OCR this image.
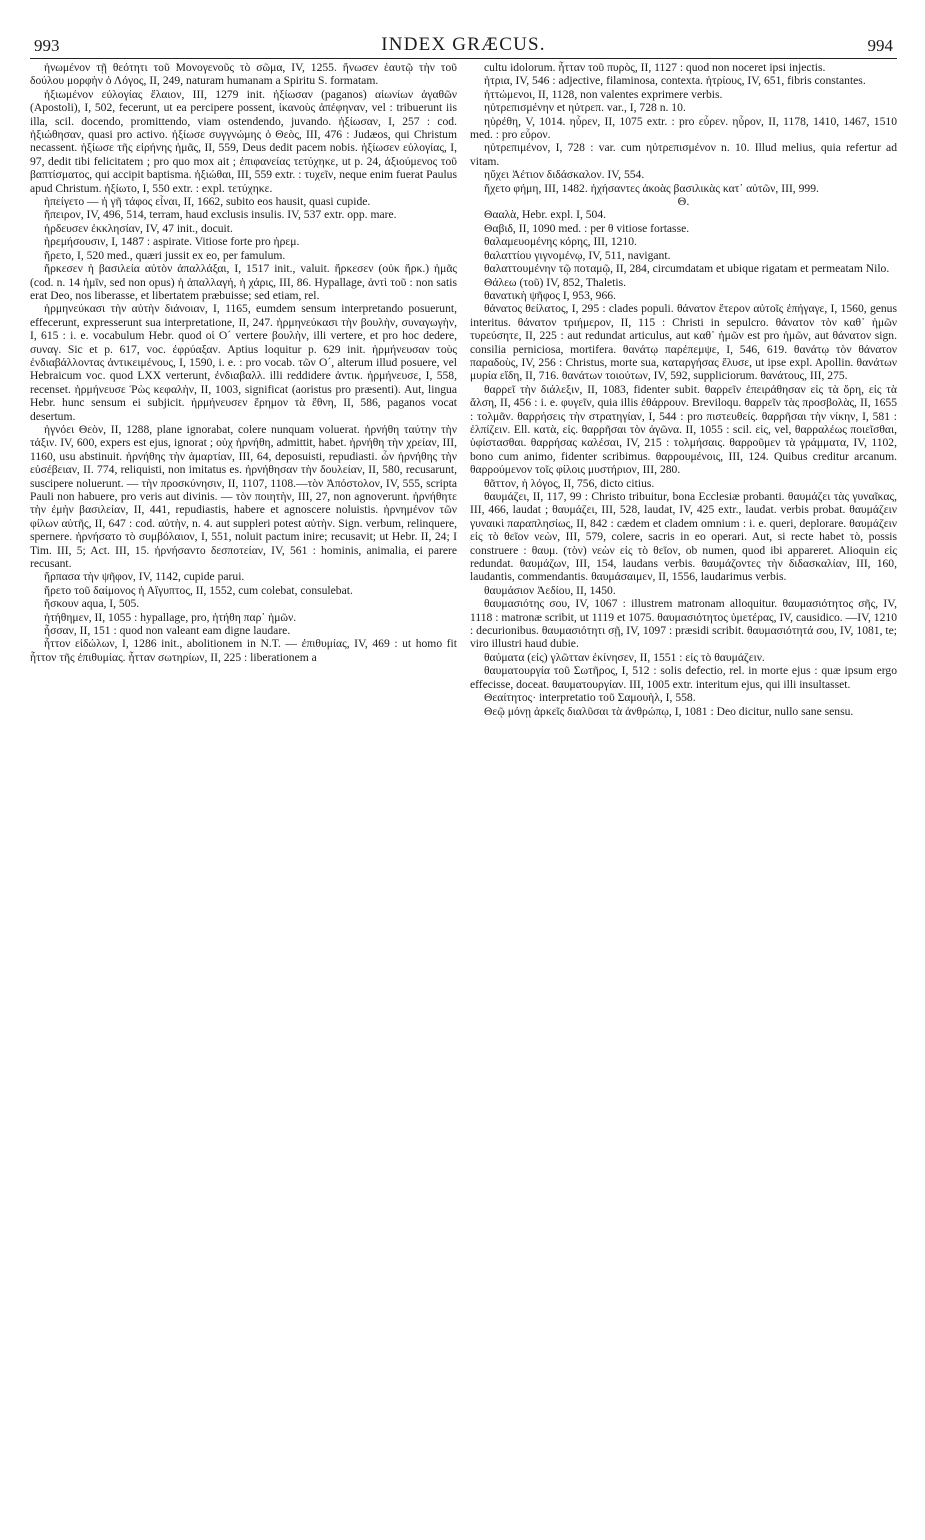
993	INDEX GRÆCUS.	994

ἡνωμένον τῇ θεότητι τοῦ Μονογενοῦς τὸ σῶμα, IV, 1255. ἥνωσεν ἑαυτῷ τὴν τοῦ δούλου μορφὴν ὁ Λόγος, II, 249, naturam humanam a Spiritu S. formatam.

ἠξιωμένον εὐλογίας ἔλαιον, III, 1279 init. ἠξίωσαν (paganos) αἰωνίων ἀγαθῶν (Apostoli), I, 502, fecerunt, ut ea percipere possent, ἱκανοὺς ἀπέφηναν, vel : tribuerunt iis illa, scil. docendo, promittendo, viam ostendendo, juvando. ἠξίωσαν, I, 257 : cod. ἠξιώθησαν, quasi pro activo. ἠξίωσε συγγνώμης ὁ Θεὸς, III, 476 : Judæos, qui Christum necassent. ἠξίωσε τῆς εἰρήνης ἡμᾶς, II, 559, Deus dedit pacem nobis. ἠξίωσεν εὐλογίας, I, 97, dedit tibi felicitatem ; pro quo mox ait ; ἐπιφανείας τετύχηκε, ut p. 24, ἀξιούμενος τοῦ βαπτίσματος, qui accipit baptisma. ἠξιώθαι, III, 559 extr. : τυχεῖν, neque enim fuerat Paulus apud Christum. ἠξίωτο, I, 550 extr. : expl. τετύχηκε.

ἠπείγετο — ἡ γῆ τάφος εἶναι, II, 1662, subito eos hausit, quasi cupide.

ἤπειρον, IV, 496, 514, terram, haud exclusis insulis. IV, 537 extr. opp. mare.

ἠρδευσεν ἐκκλησίαν, IV, 47 init., docuit.

ἠρεμήσουσιν, I, 1487 : aspirate. Vitiose forte pro ἠρεμ.

ἤρετο, I, 520 med., quæri jussit ex eo, per famulum.

ἤρκεσεν ἡ βασιλεία αὐτὸν ἀπαλλάξαι, I, 1517 init., valuit. ἤρκεσεν (οὐκ ἤρκ.) ἡμᾶς (cod. n. 14 ἡμῖν, sed non opus) ἡ ἀπαλλαγή, ἡ χάρις, III, 86. Hypallage, ἀντὶ τοῦ : non satis erat Deo, nos liberasse, et libertatem præbuisse; sed etiam, rel.

ἡρμηνεύκασι τὴν αὐτὴν διάνοιαν, I, 1165, eumdem sensum interpretando posuerunt, effecerunt, expresserunt sua interpretatione, II, 247. ἡρμηνεύκασι τὴν βουλὴν, συναγωγὴν, I, 615 : i. e. vocabulum Hebr. quod οἱ Ο´ vertere βουλὴν, illi vertere, et pro hoc dedere, συναγ. Sic et p. 617, voc. ἐφρύαξαν. Aptius loquitur p. 629 init. ἡρμήνευσαν τοὺς ἐνδιαβάλλοντας ἀντικειμένους, I, 1590, i. e. : pro vocab. τῶν Ο´, alterum illud posuere, vel Hebraicum voc. quod LXX verterunt, ἐνδιαβαλλ. illi reddidere ἀντικ. ἡρμήνευσε, I, 558, recenset. ἡρμήνευσε Ῥὼς κεφαλὴν, II, 1003, significat (aoristus pro præsenti). Aut, lingua Hebr. hunc sensum ei subjicit. ἡρμήνευσεν ἔρημον τὰ ἔθνη, II, 586, paganos vocat desertum.

ἠγνόει Θεὸν, II, 1288, plane ignorabat, colere nunquam voluerat. ἠρνήθη ταύτην τὴν τάξιν. IV, 600, expers est ejus, ignorat ; οὐχ ἠρνήθη, admittit, habet. ἠρνήθη τὴν χρείαν, III, 1160, usu abstinuit. ἠρνήθης τὴν ἁμαρτίαν, III, 64, deposuisti, repudiasti. ὧν ἠρνήθης τὴν εὐσέβειαν, II. 774, reliquisti, non imitatus es. ἠρνήθησαν τὴν δουλείαν, II, 580, recusarunt, suscipere noluerunt. — τὴν προσκύνησιν, II, 1107, 1108.—τὸν Ἀπόστολον, IV, 555, scripta Pauli non habuere, pro veris aut divinis. — τὸν ποιητὴν, III, 27, non agnoverunt. ἠρνήθητε τὴν ἐμὴν βασιλείαν, II, 441, repudiastis, habere et agnoscere noluistis. ἠρνημένον τῶν φίλων αὐτῆς, II, 647 : cod. αὐτὴν, n. 4. aut suppleri potest αὐτὴν. Sign. verbum, relinquere, spernere. ἠρνήσατο τὸ συμβόλαιον, I, 551, noluit pactum inire; recusavit; ut Hebr. II, 24; I Tim. III, 5; Act. III, 15. ἠρνήσαντο δεσποτείαν, IV, 561 : hominis, animalia, ei parere recusant.

ἥρπασα τὴν ψῆφον, IV, 1142, cupide parui.

ἤρετο τοῦ δαίμονος ἡ Αἴγυπτος, II, 1552, cum colebat, consulebat.

ἤσκουν aqua, I, 505.

ἠτήθημεν, II, 1055 : hypallage, pro, ἠτήθη παρ᾽ ἡμῶν.

ἧσσαν, II, 151 : quod non valeant eam digne laudare.

ἧττον εἰδώλων, I, 1286 init., abolitionem in N.T. — ἐπιθυμίας, IV, 469 : ut homo fit ἧττον τῆς ἐπιθυμίας. ἧτταν σωτηρίων, II, 225 : liberationem a

cultu idolorum. ἧτταν τοῦ πυρὸς, II, 1127 : quod non noceret ipsi injectis.

ἠτρια, IV, 546 : adjective, filaminosa, contexta. ἠτρίους, IV, 651, fibris constantes.

ἡττώμενοι, II, 1128, non valentes exprimere verbis.

ηὐτρεπισμένην et ηὐτρεπ. var., I, 728 n. 10.

ηὑρέθη, V, 1014. ηὗρεν, II, 1075 extr. : pro εὗρεν. ηὗρον, II, 1178, 1410, 1467, 1510 med. : pro εὗρον.

ηὐτρεπιμένον, I, 728 : var. cum ηὐτρεπισμένον n. 10. Illud melius, quia refertur ad vitam.

ηὔχει Ἀέτιον διδάσκαλον. IV, 554.

ἤχετο φήμη, III, 1482. ἠχήσαντες ἀκοὰς βασιλικὰς κατ᾽ αὐτῶν, III, 999.

Θ.

Θααλὰ, Hebr. expl. I, 504.

Θαβιδ, II, 1090 med. : per θ vitiose fortasse.

θαλαμευομένης κόρης, III, 1210.

θαλαττίου γιγνομένῳ, IV, 511, navigant.

θαλαττουμένην τῷ ποταμῷ, II, 284, circumdatam et ubique rigatam et permeatam Nilo.

Θάλεω (τοῦ) IV, 852, Thaletis.

θανατικὴ ψῆφος I, 953, 966.

θάνατος θείλατος, I, 295 : clades populi. θάνατον ἕτερον αὐτοῖς ἐπήγαγε, I, 1560, genus interitus. θάνατον τριήμερον, II, 115 : Christi in sepulcro. θάνατον τὸν καθ᾽ ἡμῶν τυρεύσητε, II, 225 : aut redundat articulus, aut καθ᾽ ἡμῶν est pro ἡμῶν, aut θάνατον sign. consilia perniciosa, mortifera. θανάτῳ παρέπεμψε, I, 546, 619. θανάτῳ τὸν θάνατον παραδοὺς, IV, 256 : Christus, morte sua, καταργήσας ἔλυσε, ut ipse expl. Apollin. θανάτων μυρία εἴδη, II, 716. θανάτων τοιούτων, IV, 592, suppliciorum. θανάτους, III, 275.

θαρρεῖ τὴν διάλεξιν, II, 1083, fidenter subit. θαρρεῖν ἐπειράθησαν εἰς τὰ ὄρη, εἰς τὰ ἄλση, II, 456 : i. e. φυγεῖν, quia illis ἐθάρρουν. Breviloqu. θαρρεῖν τὰς προσβολὰς, II, 1655 : τολμᾶν. θαρρήσεις τὴν στρατηγίαν, I, 544 : pro πιστευθείς. θαρρῆσαι τὴν νίκην, I, 581 : ἐλπίζειν. Ell. κατὰ, εἰς. θαρρῆσαι τὸν ἀγῶνα. II, 1055 : scil. εἰς, vel, θαρραλέως ποιεῖσθαι, ὑφίστασθαι. θαρρήσας καλέσαι, IV, 215 : τολμήσαις. θαρροῦμεν τὰ γράμματα, IV, 1102, bono cum animo, fidenter scribimus. θαρρουμένοις, III, 124. Quibus creditur arcanum. θαρρούμενον τοῖς φίλοις μυστήριον, III, 280.

θᾶττον, ἡ λόγος, II, 756, dicto citius.

θαυμάζει, II, 117, 99 : Christo tribuitur, bona Ecclesiæ probanti. θαυμάζει τὰς γυναῖκας, III, 466, laudat ; θαυμάζει, III, 528, laudat, IV, 425 extr., laudat. verbis probat. θαυμάζειν γυναικὶ παραπλησίως, II, 842 : cædem et cladem omnium : i. e. queri, deplorare. θαυμάζειν εἰς τὸ θεῖον νεὼν, III, 579, colere, sacris in eo operari. Aut, si recte habet τὸ, possis construere : θαυμ. (τὸν) νεὼν εἰς τὸ θεῖον, ob numen, quod ibi appareret. Alioquin εἰς redundat. θαυμάζων, III, 154, laudans verbis. θαυμάζοντες τὴν διδασκαλίαν, III, 160, laudantis, commendantis. θαυμάσαιμεν, II, 1556, laudarimus verbis.

θαυμάσιον Ἀεδίου, II, 1450.

θαυμασιότης σου, IV, 1067 : illustrem matronam alloquitur. θαυμασιότητος σῆς, IV, 1118 : matronæ scribit, ut 1119 et 1075. θαυμασιότητος ὑμετέρας, IV, causidico. —IV, 1210 : decurionibus. θαυμασιότητι σῇ, IV, 1097 : præsidi scribit. θαυμασιότητά σου, IV, 1081, te; viro illustri haud dubie.

θαύματα (εἰς) γλῶτταν ἐκίνησεν, II, 1551 : εἰς τὸ θαυμάζειν.

θαυματουργία τοῦ Σωτῆρος, I, 512 : solis defectio, rel. in morte ejus : quæ ipsum ergo effecisse, doceat. θαυματουργίαν. III, 1005 extr. interitum ejus, qui illi insultasset.

Θεαίτητος· interpretatio τοῦ Σαμουὴλ, I, 558.

Θεῷ μόνῃ ἀρκεῖς διαλῦσαι τὰ ἀνθρώπῳ, I, 1081 : Deo dicitur, nullo sane sensu.
